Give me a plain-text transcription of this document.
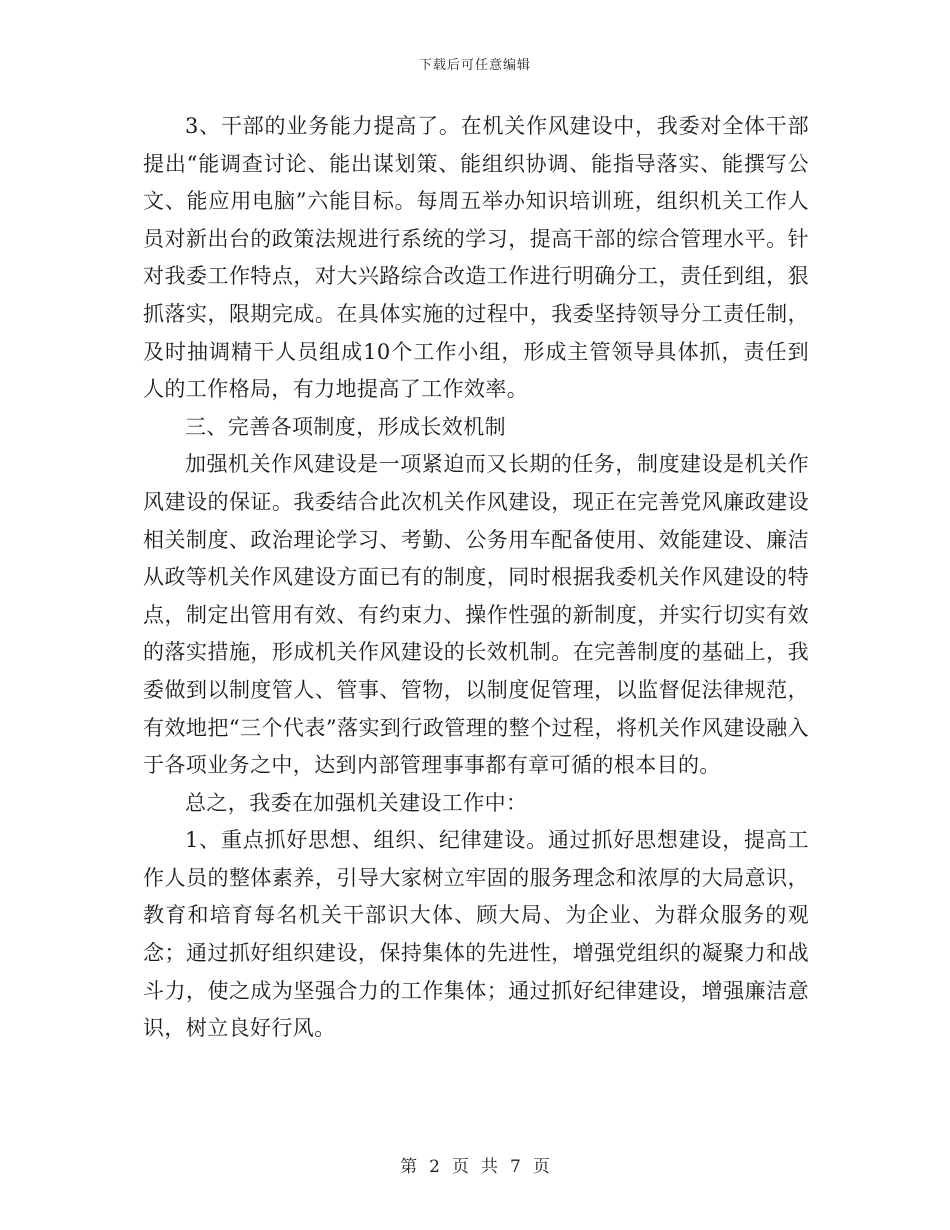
下载后可任意编辑

3、干部的业务能力提高了。在机关作风建设中，我委对全体干部提出“能调查讨论、能出谋划策、能组织协调、能指导落实、能撰写公文、能应用电脑”六能目标。每周五举办知识培训班，组织机关工作人员对新出台的政策法规进行系统的学习，提高干部的综合管理水平。针对我委工作特点，对大兴路综合改造工作进行明确分工，责任到组，狠抓落实，限期完成。在具体实施的过程中，我委坚持领导分工责任制，及时抽调精干人员组成10个工作小组，形成主管领导具体抓，责任到人的工作格局，有力地提高了工作效率。

三、完善各项制度，形成长效机制

加强机关作风建设是一项紧迫而又长期的任务，制度建设是机关作风建设的保证。我委结合此次机关作风建设，现正在完善党风廉政建设相关制度、政治理论学习、考勤、公务用车配备使用、效能建设、廉洁从政等机关作风建设方面已有的制度，同时根据我委机关作风建设的特点，制定出管用有效、有约束力、操作性强的新制度，并实行切实有效的落实措施，形成机关作风建设的长效机制。在完善制度的基础上，我委做到以制度管人、管事、管物，以制度促管理，以监督促法律规范，有效地把“三个代表”落实到行政管理的整个过程，将机关作风建设融入于各项业务之中，达到内部管理事事都有章可循的根本目的。

总之，我委在加强机关建设工作中：

1、重点抓好思想、组织、纪律建设。通过抓好思想建设，提高工作人员的整体素养，引导大家树立牢固的服务理念和浓厚的大局意识，教育和培育每名机关干部识大体、顾大局、为企业、为群众服务的观念；通过抓好组织建设，保持集体的先进性，增强党组织的凝聚力和战斗力，使之成为坚强合力的工作集体；通过抓好纪律建设，增强廉洁意识，树立良好行风。

第 2 页 共 7 页
